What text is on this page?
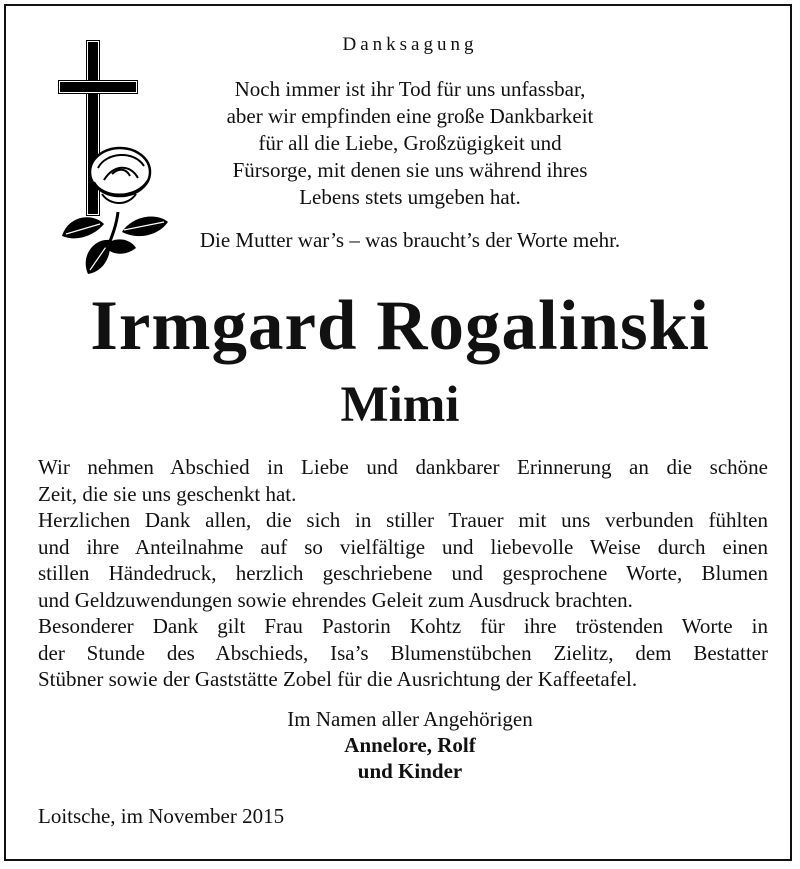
Danksagung
Noch immer ist ihr Tod für uns unfassbar,
aber wir empfinden eine große Dankbarkeit
für all die Liebe, Großzügigkeit und
Fürsorge, mit denen sie uns während ihres
Lebens stets umgeben hat.
Die Mutter war’s – was braucht’s der Worte mehr.
Irmgard Rogalinski
Mimi
Wir nehmen Abschied in Liebe und dankbarer Erinnerung an die schöne
Zeit, die sie uns geschenkt hat.
Herzlichen Dank allen, die sich in stiller Trauer mit uns verbunden fühlten
und ihre Anteilnahme auf so vielfältige und liebevolle Weise durch einen
stillen Händedruck, herzlich geschriebene und gesprochene Worte, Blumen
und Geldzuwendungen sowie ehrendes Geleit zum Ausdruck brachten.
Besonderer Dank gilt Frau Pastorin Kohtz für ihre tröstenden Worte in
der Stunde des Abschieds, Isa’s Blumenstübchen Zielitz, dem Bestatter
Stübner sowie der Gaststätte Zobel für die Ausrichtung der Kaffeetafel.
Im Namen aller Angehörigen
Annelore, Rolf
und Kinder
Loitsche, im November 2015
